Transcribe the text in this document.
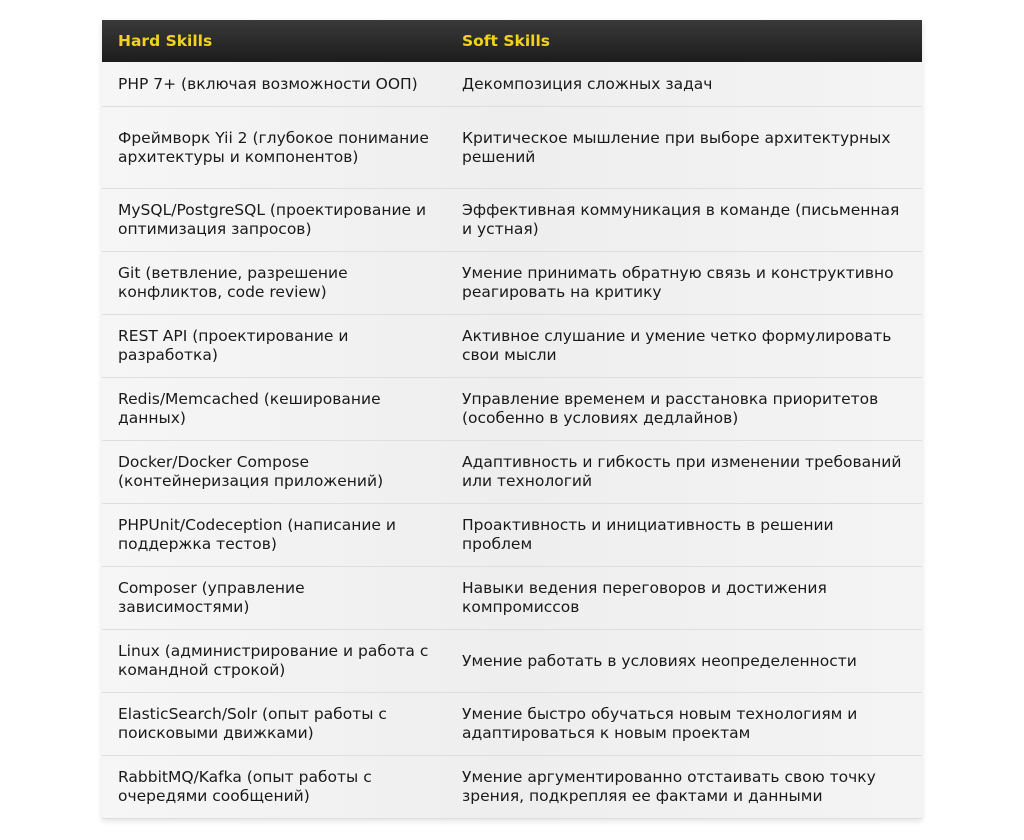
Hard Skills	Soft Skills
PHP 7+ (включая возможности ООП)	Декомпозиция сложных задач
Фреймворк Yii 2 (глубокое понимание архитектуры и компонентов)	Критическое мышление при выборе архитектурных решений
MySQL/PostgreSQL (проектирование и оптимизация запросов)	Эффективная коммуникация в команде (письменная и устная)
Git (ветвление, разрешение конфликтов, code review)	Умение принимать обратную связь и конструктивно реагировать на критику
REST API (проектирование и разработка)	Активное слушание и умение четко формулировать свои мысли
Redis/Memcached (кеширование данных)	Управление временем и расстановка приоритетов (особенно в условиях дедлайнов)
Docker/Docker Compose (контейнеризация приложений)	Адаптивность и гибкость при изменении требований или технологий
PHPUnit/Codeception (написание и поддержка тестов)	Проактивность и инициативность в решении проблем
Composer (управление зависимостями)	Навыки ведения переговоров и достижения компромиссов
Linux (администрирование и работа с командной строкой)	Умение работать в условиях неопределенности
ElasticSearch/Solr (опыт работы с поисковыми движками)	Умение быстро обучаться новым технологиям и адаптироваться к новым проектам
RabbitMQ/Kafka (опыт работы с очередями сообщений)	Умение аргументированно отстаивать свою точку зрения, подкрепляя ее фактами и данными
